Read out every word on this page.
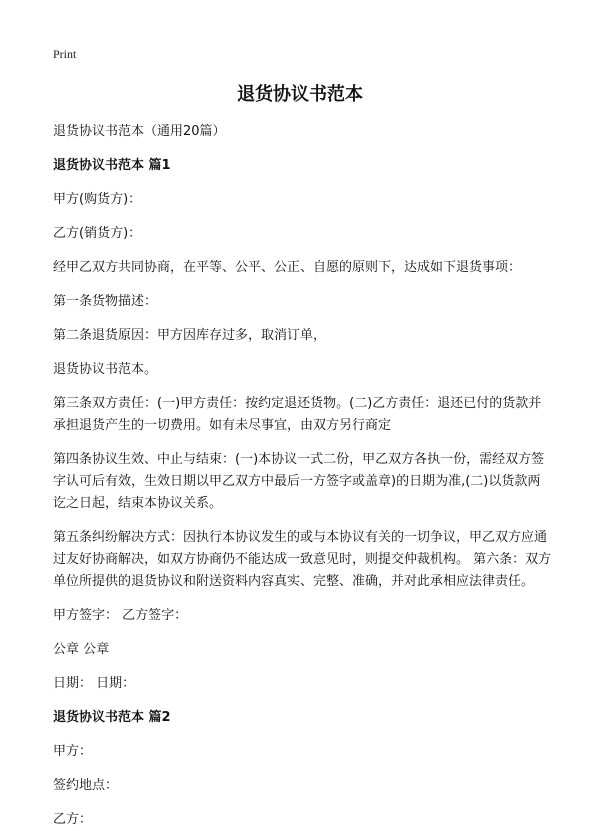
Print
退货协议书范本

退货协议书范本（通用20篇）

退货协议书范本 篇1

甲方(购货方)：

乙方(销货方)：

经甲乙双方共同协商，在平等、公平、公正、自愿的原则下，达成如下退货事项：

第一条货物描述：

第二条退货原因：甲方因库存过多，取消订单，

退货协议书范本。

第三条双方责任：(一)甲方责任：按约定退还货物。(二)乙方责任：退还已付的货款并承担退货产生的一切费用。如有未尽事宜，由双方另行商定

第四条协议生效、中止与结束：(一)本协议一式二份，甲乙双方各执一份，需经双方签字认可后有效，生效日期以甲乙双方中最后一方签字或盖章)的日期为准,(二)以货款两讫之日起，结束本协议关系。

第五条纠纷解决方式：因执行本协议发生的或与本协议有关的一切争议，甲乙双方应通过友好协商解决，如双方协商仍不能达成一致意见时，则提交仲裁机构。 第六条：双方单位所提供的退货协议和附送资料内容真实、完整、准确，并对此承相应法律责任。

甲方签字： 乙方签字：

公章 公章

日期： 日期：

退货协议书范本 篇2

甲方：

签约地点：

乙方：
